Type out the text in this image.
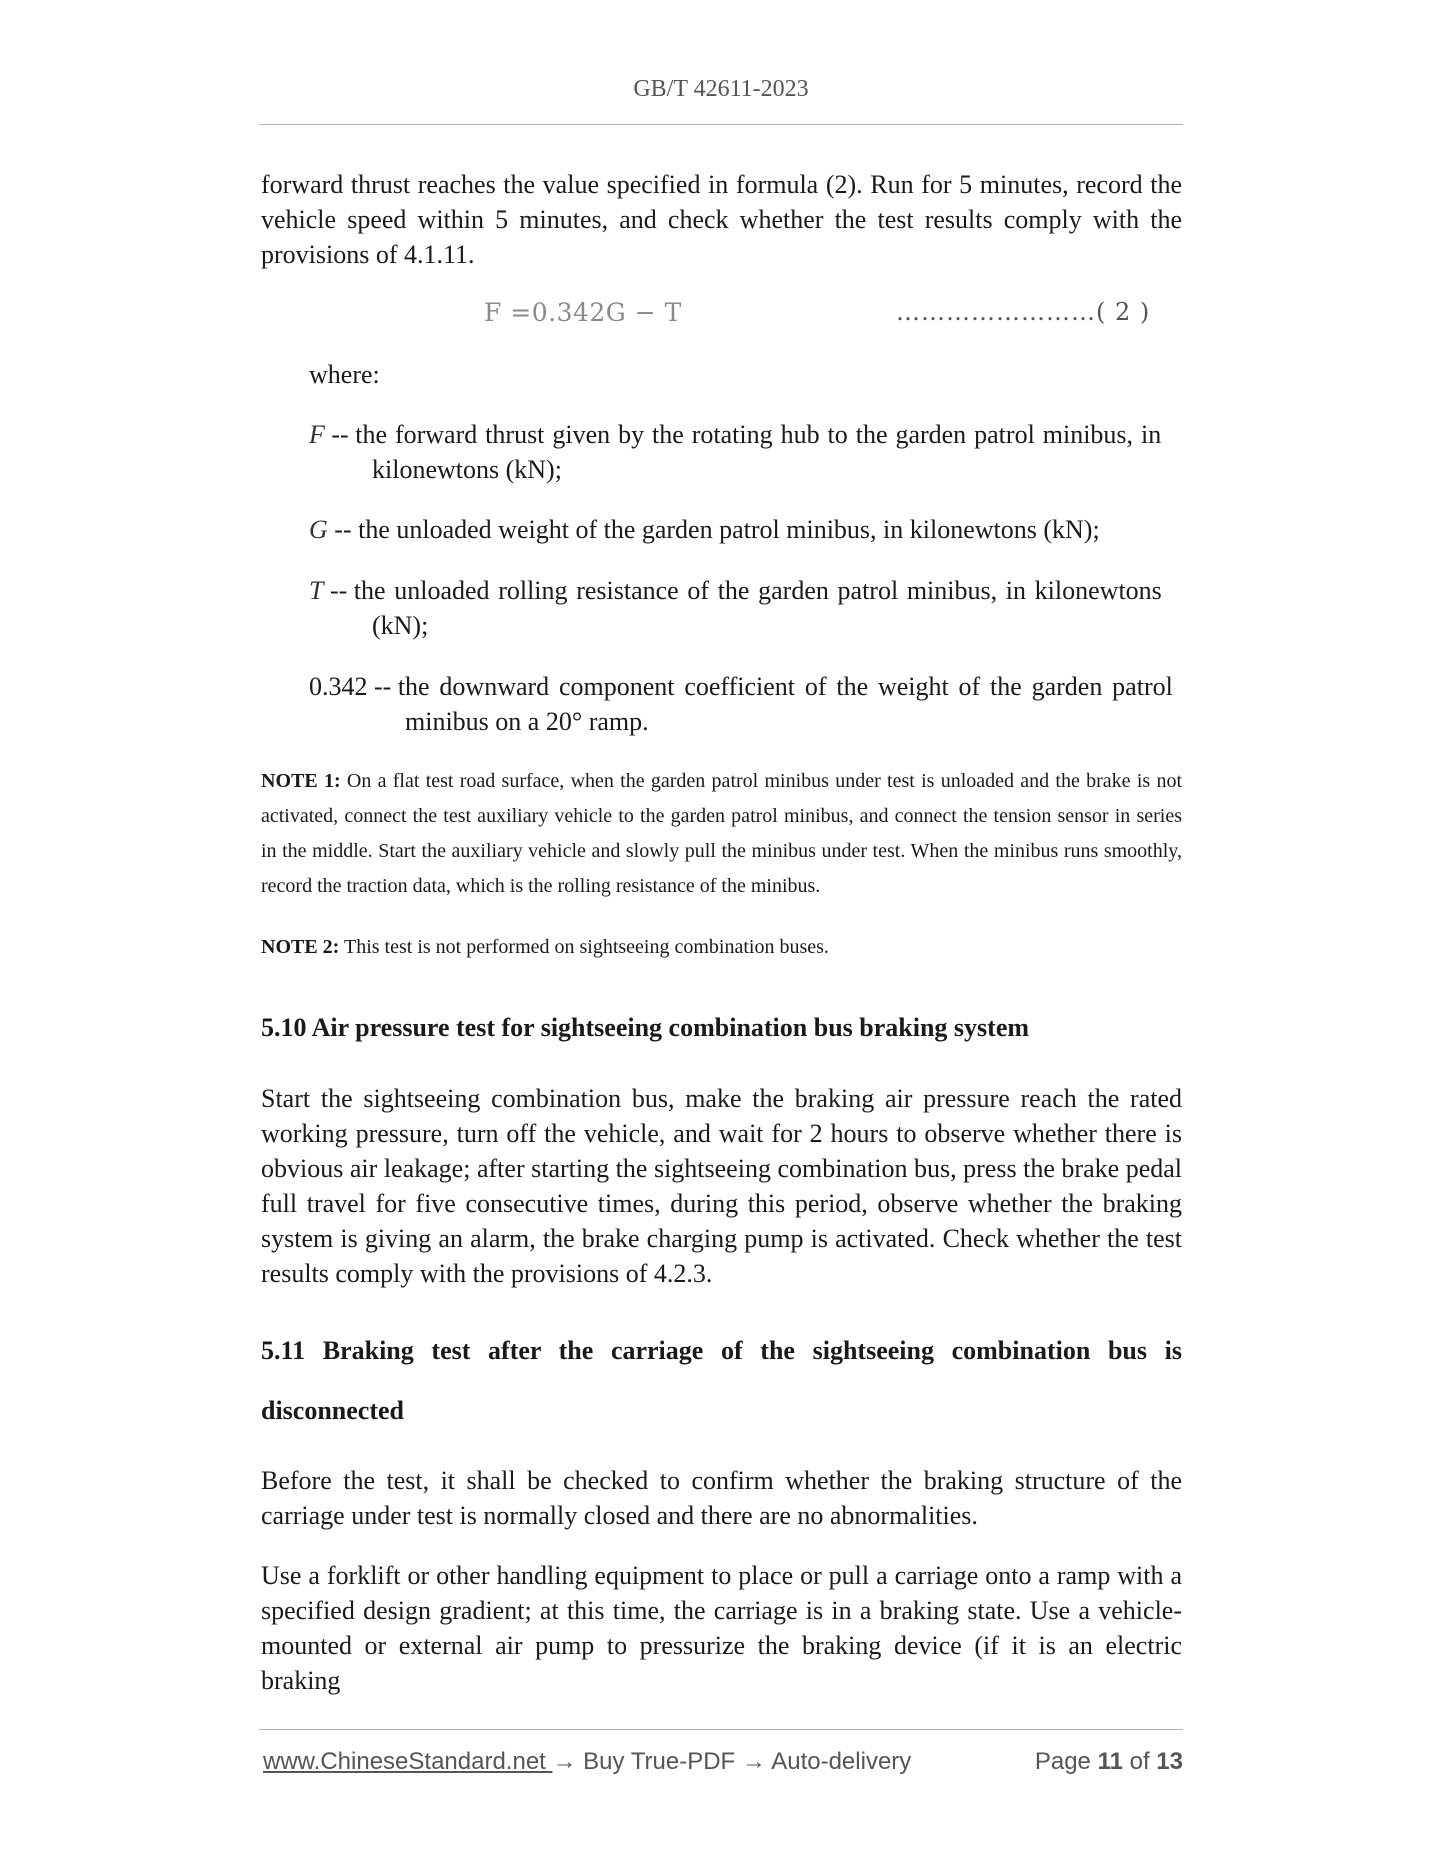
GB/T 42611-2023
forward thrust reaches the value specified in formula (2). Run for 5 minutes, record the vehicle speed within 5 minutes, and check whether the test results comply with the provisions of 4.1.11.
F =0.342G − T	……………………( 2 )
where:
F -- the forward thrust given by the rotating hub to the garden patrol minibus, in
kilonewtons (kN);
G -- the unloaded weight of the garden patrol minibus, in kilonewtons (kN);
T -- the unloaded rolling resistance of the garden patrol minibus, in kilonewtons
(kN);
0.342 -- the downward component coefficient of the weight of the garden patrol
minibus on a 20° ramp.
NOTE 1: On a flat test road surface, when the garden patrol minibus under test is unloaded and the brake is not activated, connect the test auxiliary vehicle to the garden patrol minibus, and connect the tension sensor in series in the middle. Start the auxiliary vehicle and slowly pull the minibus under test. When the minibus runs smoothly, record the traction data, which is the rolling resistance of the minibus.
NOTE 2: This test is not performed on sightseeing combination buses.
5.10 Air pressure test for sightseeing combination bus braking system
Start the sightseeing combination bus, make the braking air pressure reach the rated working pressure, turn off the vehicle, and wait for 2 hours to observe whether there is obvious air leakage; after starting the sightseeing combination bus, press the brake pedal full travel for five consecutive times, during this period, observe whether the braking system is giving an alarm, the brake charging pump is activated. Check whether the test results comply with the provisions of 4.2.3.
5.11 Braking test after the carriage of the sightseeing combination bus is disconnected
Before the test, it shall be checked to confirm whether the braking structure of the carriage under test is normally closed and there are no abnormalities.
Use a forklift or other handling equipment to place or pull a carriage onto a ramp with a specified design gradient; at this time, the carriage is in a braking state. Use a vehicle-mounted or external air pump to pressurize the braking device (if it is an electric braking
www.ChineseStandard.net → Buy True-PDF → Auto-delivery	Page 11 of 13
